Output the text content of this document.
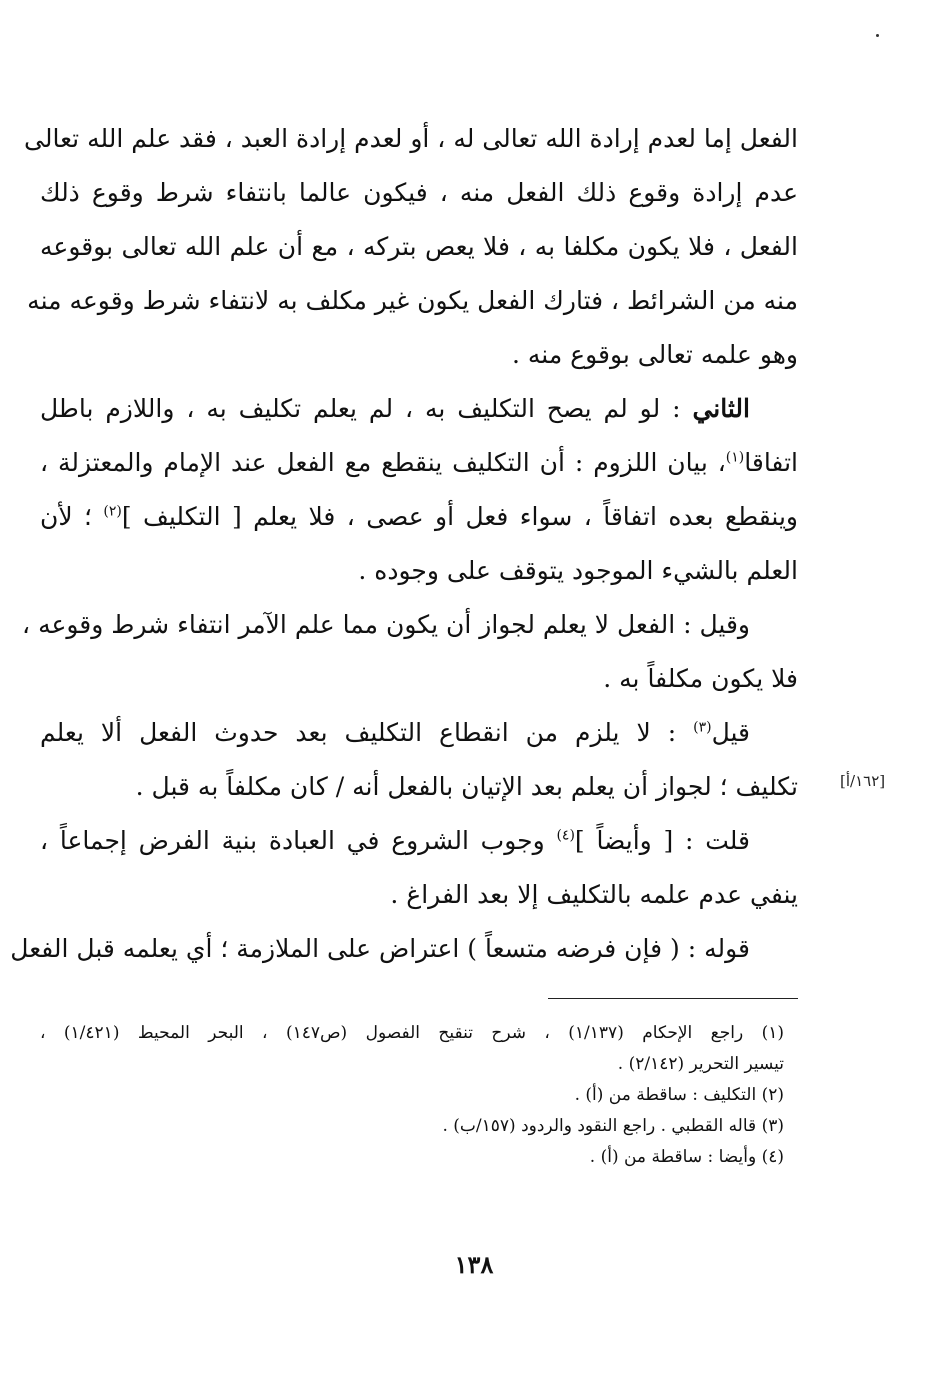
الفعل إما لعدم إرادة الله تعالى له ، أو لعدم إرادة العبد ، فقد علم الله تعالى
عدم إرادة وقوع ذلك الفعل منه ، فيكون عالما بانتفاء شرط وقوع ذلك
الفعل ، فلا يكون مكلفا به ، فلا يعص بتركه ، مع أن علم الله تعالى بوقوعه
منه من الشرائط ، فتارك الفعل يكون غير مكلف به لانتفاء شرط وقوعه منه
وهو علمه تعالى بوقوع منه .
الثاني : لو لم يصح التكليف به ، لم يعلم تكليف به ، واللازم باطل
اتفاقا$^{(١)}$، بيان اللزوم : أن التكليف ينقطع مع الفعل عند الإمام والمعتزلة ،
وينقطع بعده اتفاقاً ، سواء فعل أو عصى ، فلا يعلم [ التكليف ]$^{(٢)}$ ؛ لأن
العلم بالشيء الموجود يتوقف على وجوده .
وقيل : الفعل لا يعلم لجواز أن يكون مما علم الآمر انتفاء شرط وقوعه ،
فلا يكون مكلفاً به .
قيل$^{(٣)}$ : لا يلزم من انقطاع التكليف بعد حدوث الفعل ألا يعلم
تكليف ؛ لجواز أن يعلم بعد الإتيان بالفعل أنه / كان مكلفاً به قبل .
قلت : [ وأيضاً ]$^{(٤)}$ وجوب الشروع في العبادة بنية الفرض إجماعاً ،
ينفي عدم علمه بالتكليف إلا بعد الفراغ .
قوله : ( فإن فرضه متسعاً ) اعتراض على الملازمة ؛ أي يعلمه قبل الفعل
[١٦٢/أ]
(١) راجع الإحكام (١/١٣٧) ، شرح تنقيح الفصول (ص١٤٧) ، البحر المحيط (١/٤٢١) ،
تيسير التحرير (٢/١٤٢) .
(٢) التكليف : ساقطة من (أ) .
(٣) قاله القطبي . راجع النقود والردود (١٥٧/ب) .
(٤) وأيضا : ساقطة من (أ) .
١٣٨
